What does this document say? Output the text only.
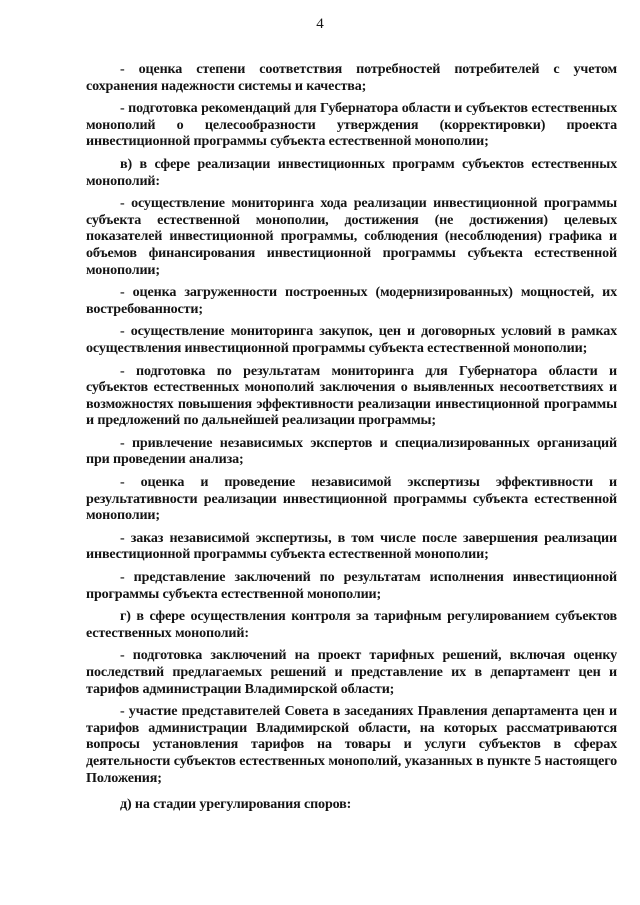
4

- оценка степени соответствия потребностей потребителей с учетом сохранения надежности системы и качества;

- подготовка рекомендаций для Губернатора области и субъектов естественных монополий о целесообразности утверждения (корректировки) проекта инвестиционной программы субъекта естественной монополии;

в) в сфере реализации инвестиционных программ субъектов естественных монополий:

- осуществление мониторинга хода реализации инвестиционной программы субъекта естественной монополии, достижения (не достижения) целевых показателей инвестиционной программы, соблюдения (несоблюдения) графика и объемов финансирования инвестиционной программы субъекта естественной монополии;

- оценка загруженности построенных (модернизированных) мощностей, их востребованности;

- осуществление мониторинга закупок, цен и договорных условий в рамках осуществления инвестиционной программы субъекта естественной монополии;

- подготовка по результатам мониторинга для Губернатора области и субъектов естественных монополий заключения о выявленных несоответствиях и возможностях повышения эффективности реализации инвестиционной программы и предложений по дальнейшей реализации программы;

- привлечение независимых экспертов и специализированных организаций при проведении анализа;

- оценка и проведение независимой экспертизы эффективности и результативности реализации инвестиционной программы субъекта естественной монополии;

- заказ независимой экспертизы, в том числе после завершения реализации инвестиционной программы субъекта естественной монополии;

- представление заключений по результатам исполнения инвестиционной программы субъекта естественной монополии;

г) в сфере осуществления контроля за тарифным регулированием субъектов естественных монополий:

- подготовка заключений на проект тарифных решений, включая оценку последствий предлагаемых решений и представление их в департамент цен и тарифов администрации Владимирской области;

- участие представителей Совета в заседаниях Правления департамента цен и тарифов администрации Владимирской области, на которых рассматриваются вопросы установления тарифов на товары и услуги субъектов в сферах деятельности субъектов естественных монополий, указанных в пункте 5 настоящего Положения;

д) на стадии урегулирования споров:
